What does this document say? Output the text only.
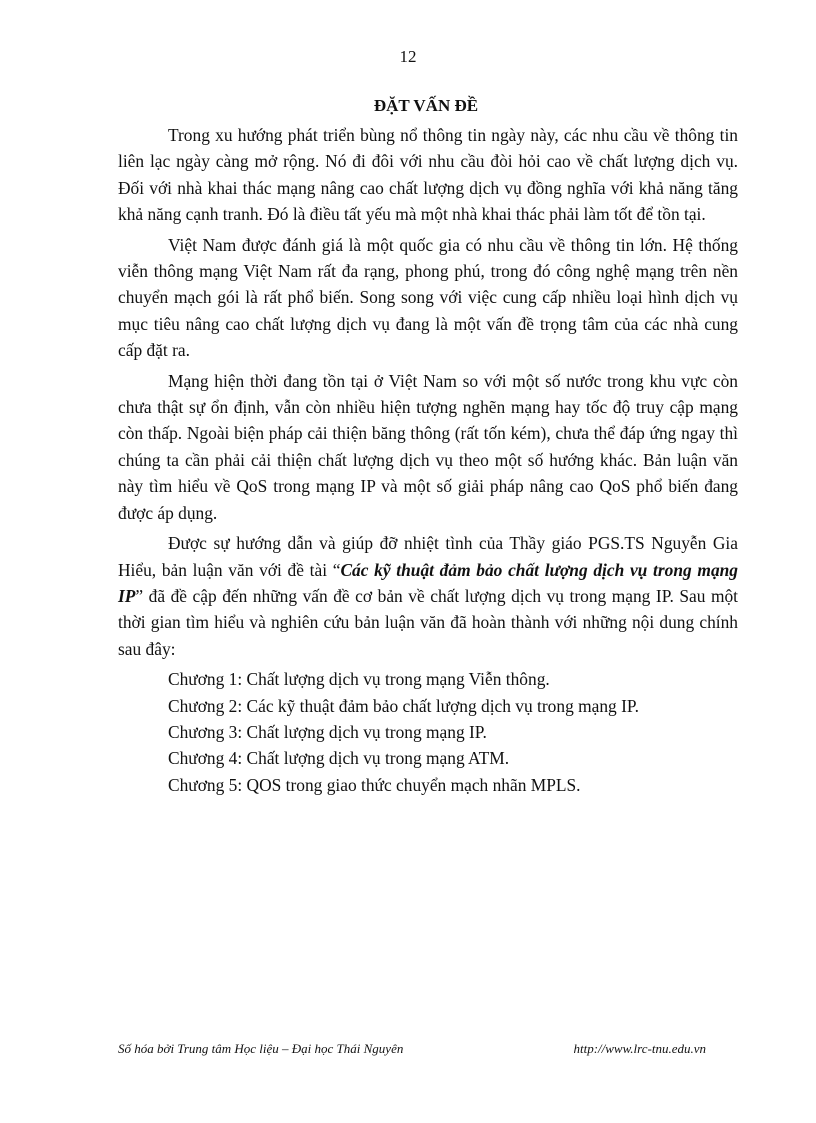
12
ĐẶT VẤN ĐỀ

Trong xu hướng phát triển bùng nổ thông tin ngày này, các nhu cầu về thông tin liên lạc ngày càng mở rộng. Nó đi đôi với nhu cầu đòi hỏi cao về chất lượng dịch vụ. Đối với nhà khai thác mạng nâng cao chất lượng dịch vụ đồng nghĩa với khả năng tăng khả năng cạnh tranh. Đó là điều tất yếu mà một nhà khai thác phải làm tốt để tồn tại.

Việt Nam được đánh giá là một quốc gia có nhu cầu về thông tin lớn. Hệ thống viễn thông mạng Việt Nam rất đa rạng, phong phú, trong đó công nghệ mạng trên nền chuyển mạch gói là rất phổ biến. Song song với việc cung cấp nhiều loại hình dịch vụ mục tiêu nâng cao chất lượng dịch vụ đang là một vấn đề trọng tâm của các nhà cung cấp đặt ra.

Mạng hiện thời đang tồn tại ở Việt Nam so với một số nước trong khu vực còn chưa thật sự ổn định, vẫn còn nhiều hiện tượng nghẽn mạng hay tốc độ truy cập mạng còn thấp. Ngoài biện pháp cải thiện băng thông (rất tốn kém), chưa thể đáp ứng ngay thì chúng ta cần phải cải thiện chất lượng dịch vụ theo một số hướng khác. Bản luận văn này tìm hiểu về QoS trong mạng IP và một số giải pháp nâng cao QoS phổ biến đang được áp dụng.

Được sự hướng dẫn và giúp đỡ nhiệt tình của Thầy giáo PGS.TS Nguyễn Gia Hiểu, bản luận văn với đề tài “Các kỹ thuật đảm bảo chất lượng dịch vụ trong mạng IP” đã đề cập đến những vấn đề cơ bản về chất lượng dịch vụ trong mạng IP. Sau một thời gian tìm hiểu và nghiên cứu bản luận văn đã hoàn thành với những nội dung chính sau đây:

Chương 1: Chất lượng dịch vụ trong mạng Viễn thông.
Chương 2: Các kỹ thuật đảm bảo chất lượng dịch vụ trong mạng IP.
Chương 3: Chất lượng dịch vụ trong mạng IP.
Chương 4: Chất lượng dịch vụ trong mạng ATM.
Chương 5: QOS trong giao thức chuyển mạch nhãn MPLS.
Số hóa bởi Trung tâm Học liệu – Đại học Thái Nguyên	http://www.lrc-tnu.edu.vn
